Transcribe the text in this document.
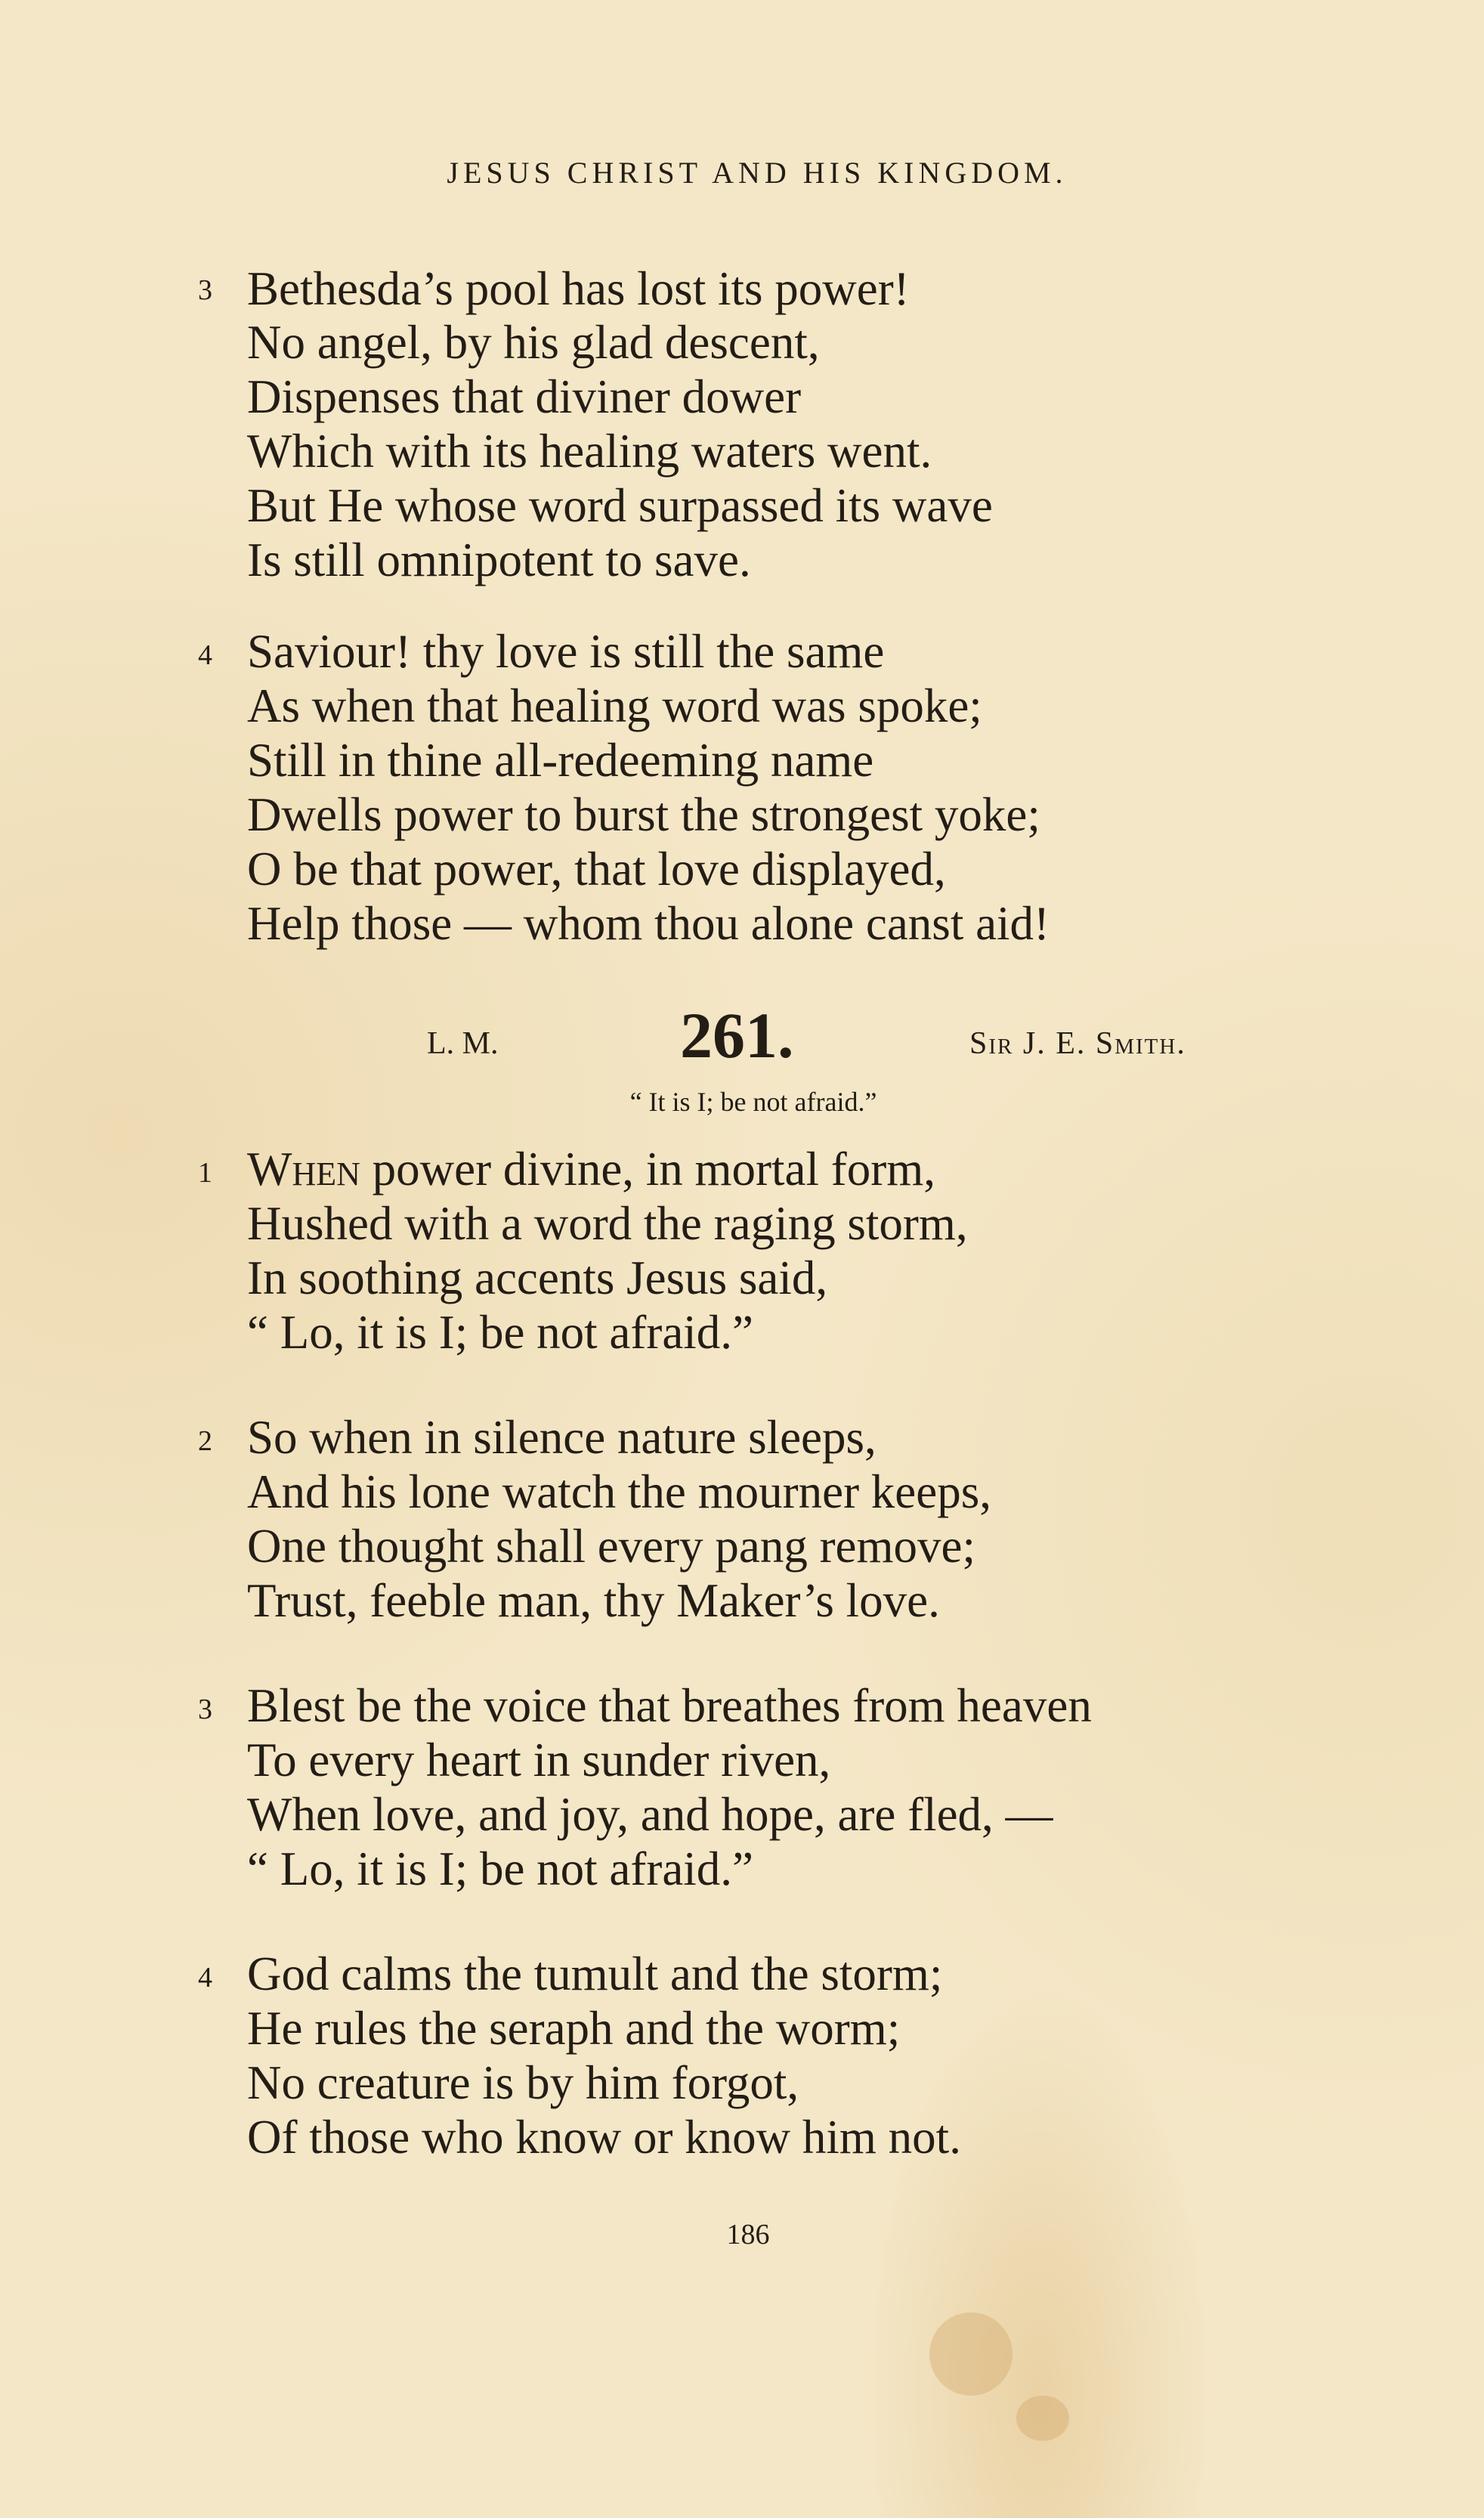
JESUS CHRIST AND HIS KINGDOM.
3 Bethesda’s pool has lost its power!
No angel, by his glad descent,
Dispenses that diviner dower
Which with its healing waters went.
But He whose word surpassed its wave
Is still omnipotent to save.
4 Saviour! thy love is still the same
As when that healing word was spoke;
Still in thine all-redeeming name
Dwells power to burst the strongest yoke;
O be that power, that love displayed,
Help those — whom thou alone canst aid!
L. M.	261.	Sir J. E. Smith.
“ It is I; be not afraid.”
1 When power divine, in mortal form,
Hushed with a word the raging storm,
In soothing accents Jesus said,
“ Lo, it is I; be not afraid.”
2 So when in silence nature sleeps,
And his lone watch the mourner keeps,
One thought shall every pang remove;
Trust, feeble man, thy Maker’s love.
3 Blest be the voice that breathes from heaven
To every heart in sunder riven,
When love, and joy, and hope, are fled, —
“ Lo, it is I; be not afraid.”
4 God calms the tumult and the storm;
He rules the seraph and the worm;
No creature is by him forgot,
Of those who know or know him not.
186
